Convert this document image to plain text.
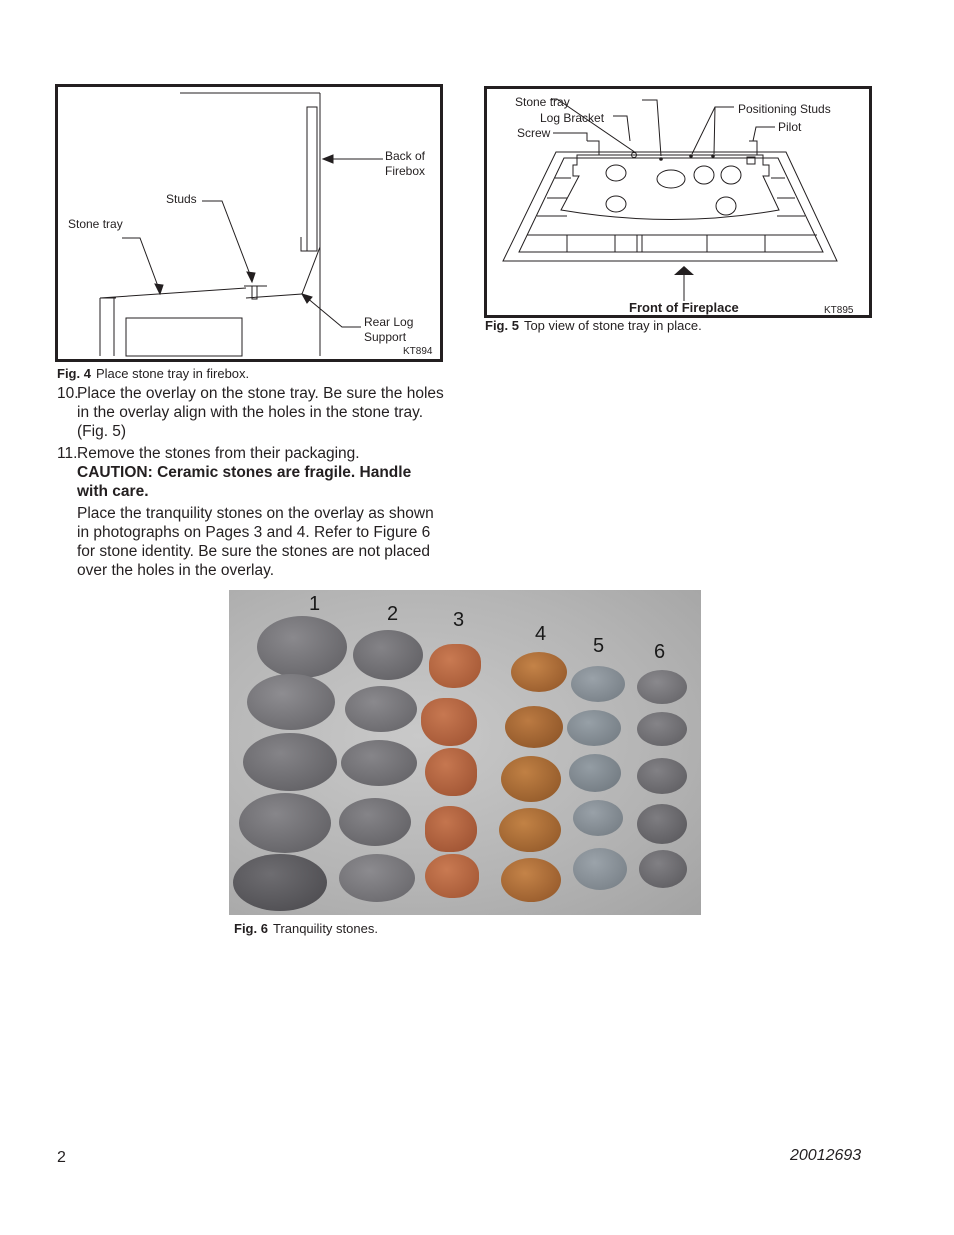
Back of
Firebox
Studs
Stone tray
Rear Log
Support
KT894
Fig. 4 Place stone tray in firebox.
Stone tray
Log Bracket
Screw
Positioning Studs
Pilot
Front of Fireplace	KT895
Fig. 5 Top view of stone tray in place.
10.
Place the overlay on the stone tray. Be sure the holes in the overlay align with the holes in the stone tray. (Fig. 5)
11. Remove the stones from their packaging.
CAUTION: Ceramic stones are fragile. Handle with care.
Place the tranquility stones on the overlay as shown in photographs on Pages 3 and 4. Refer to Figure 6 for stone identity. Be sure the stones are not placed over the holes in the overlay.
1	2	3
4
5 6
Fig. 6 Tranquility stones.
2	20012693
